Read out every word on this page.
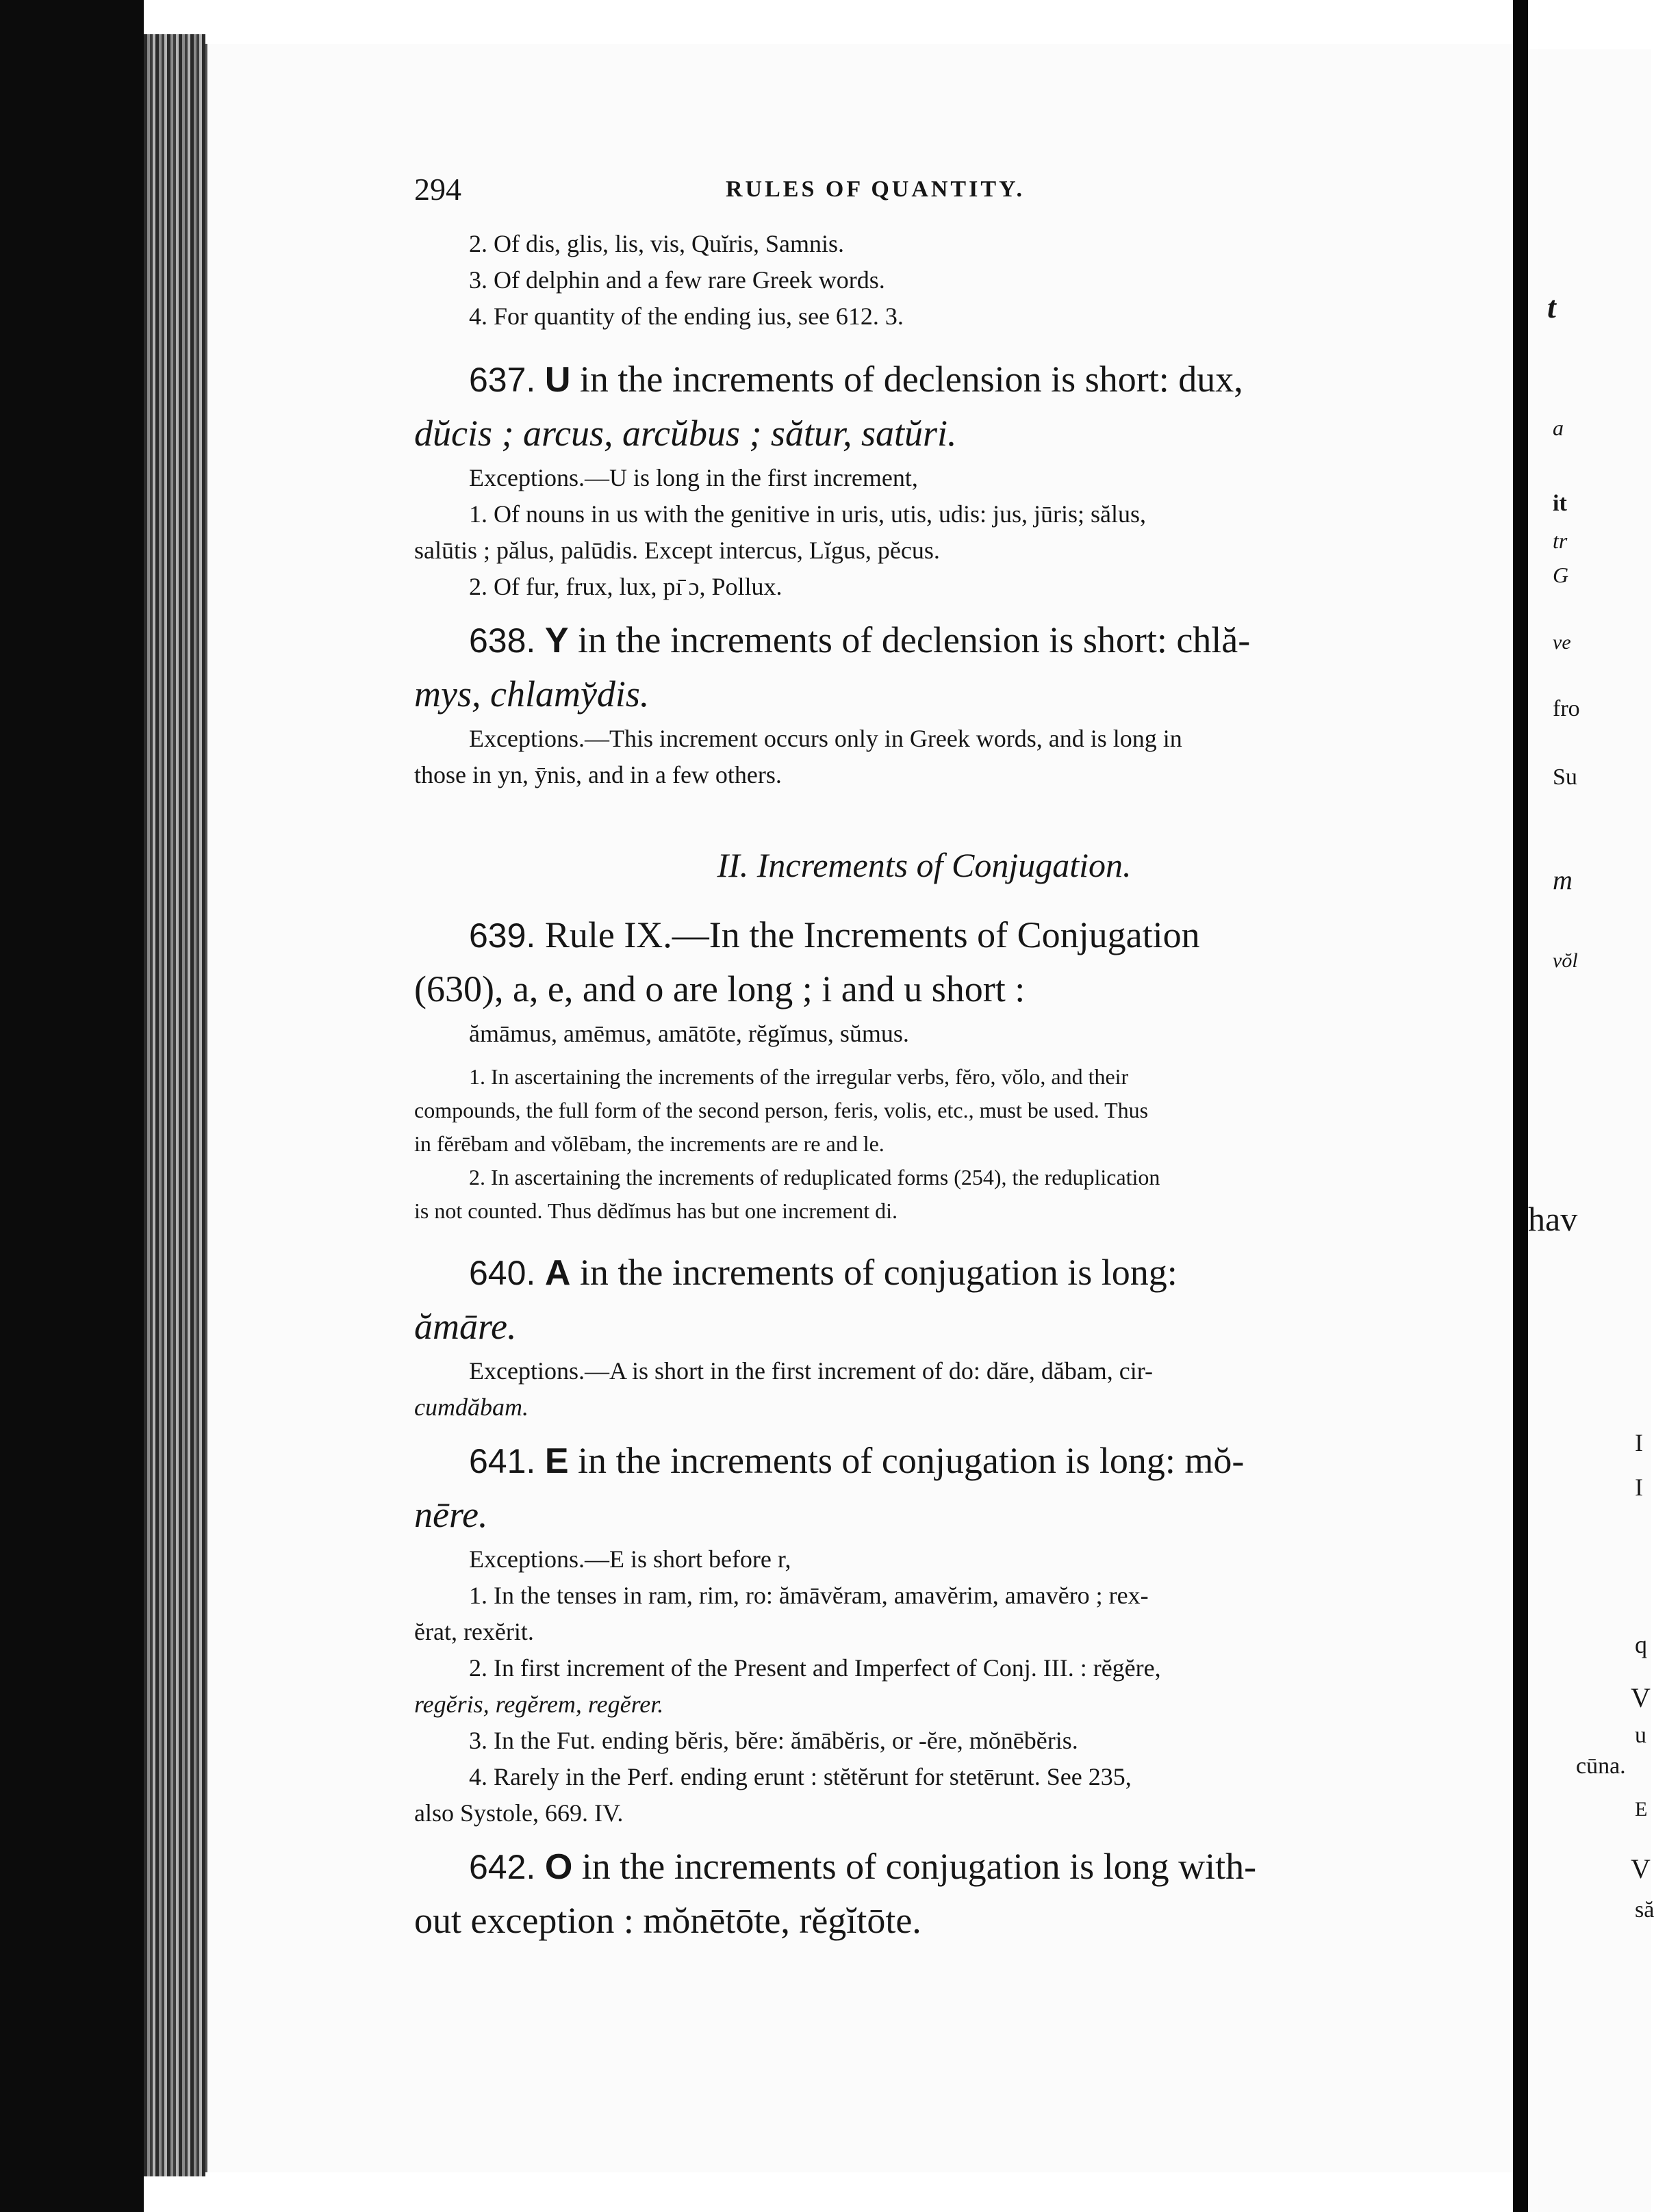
t
a
it
tr
G
ve
fro
Su
m
vŏl
hav
I
I
q
V
u
cūna.
E
V
să
294	RULES OF QUANTITY.
2. Of dis, glis, lis, vis, Quĭris, Samnis.
3. Of delphin and a few rare Greek words.
4. For quantity of the ending ius, see 612. 3.
637. U in the increments of declension is short: dux,
dŭcis ; arcus, arcŭbus ; sătur, satŭri.
Exceptions.—U is long in the first increment,
1. Of nouns in us with the genitive in uris, utis, udis: jus, jūris; sălus,
salūtis ; pălus, palūdis. Except intercus, Lĭgus, pĕcus.
2. Of fur, frux, lux, pı̄ ɔ, Pollux.
638. Y in the increments of declension is short: chlă-
mys, chlamy̆dis.
Exceptions.—This increment occurs only in Greek words, and is long in
those in yn, ȳnis, and in a few others.
II. Increments of Conjugation.
639. Rule IX.—In the Increments of Conjugation
(630), a, e, and o are long ; i and u short :
ămāmus, amēmus, amātōte, rĕgĭmus, sŭmus.
1. In ascertaining the increments of the irregular verbs, fĕro, vŏlo, and their
compounds, the full form of the second person, feris, volis, etc., must be used. Thus
in fĕrēbam and vŏlēbam, the increments are re and le.
2. In ascertaining the increments of reduplicated forms (254), the reduplication
is not counted. Thus dĕdĭmus has but one increment di.
640. A in the increments of conjugation is long:
ămāre.
Exceptions.—A is short in the first increment of do: dăre, dăbam, cir-
cumdăbam.
641. E in the increments of conjugation is long: mŏ-
nēre.
Exceptions.—E is short before r,
1. In the tenses in ram, rim, ro: ămāvĕram, amavĕrim, amavĕro ; rex-
ĕrat, rexĕrit.
2. In first increment of the Present and Imperfect of Conj. III. : rĕgĕre,
regĕris, regĕrem, regĕrer.
3. In the Fut. ending bĕris, bĕre: ămābĕris, or -ĕre, mŏnēbĕris.
4. Rarely in the Perf. ending erunt : stĕtĕrunt for stetērunt. See 235,
also Systole, 669. IV.
642. O in the increments of conjugation is long with-
out exception : mŏnētōte, rĕgĭtōte.
